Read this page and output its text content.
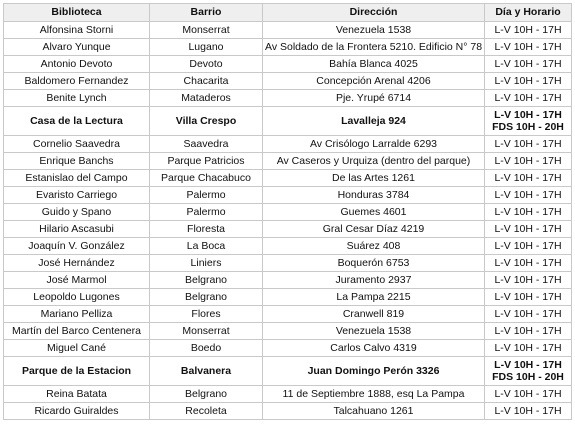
Biblioteca	Barrio	Dirección	Día y Horario
Alfonsina Storni	Monserrat	Venezuela 1538	L-V 10H - 17H
Alvaro Yunque	Lugano	Av Soldado de la Frontera 5210. Edificio N° 78	L-V 10H - 17H
Antonio Devoto	Devoto	Bahía Blanca 4025	L-V 10H - 17H
Baldomero Fernandez	Chacarita	Concepción Arenal 4206	L-V 10H - 17H
Benite Lynch	Mataderos	Pje. Yrupé 6714	L-V 10H - 17H
Casa de la Lectura	Villa Crespo	Lavalleja 924	L-V 10H - 17H
FDS 10H - 20H

Cornelio Saavedra	Saavedra	Av Crisólogo Larralde 6293	L-V 10H - 17H
Enrique Banchs	Parque Patricios	Av Caseros y Urquiza (dentro del parque)	L-V 10H - 17H
Estanislao del Campo	Parque Chacabuco	De las Artes 1261	L-V 10H - 17H
Evaristo Carriego	Palermo	Honduras 3784	L-V 10H - 17H
Guido y Spano	Palermo	Guemes 4601	L-V 10H - 17H
Hilario Ascasubi	Floresta	Gral Cesar Díaz 4219	L-V 10H - 17H
Joaquín V. González	La Boca	Suárez 408	L-V 10H - 17H
José Hernández	Liniers	Boquerón 6753	L-V 10H - 17H
José Marmol	Belgrano	Juramento 2937	L-V 10H - 17H
Leopoldo Lugones	Belgrano	La Pampa 2215	L-V 10H - 17H
Mariano Pelliza	Flores	Cranwell 819	L-V 10H - 17H
Martín del Barco Centenera	Monserrat	Venezuela 1538	L-V 10H - 17H
Miguel Cané	Boedo	Carlos Calvo 4319	L-V 10H - 17H
Parque de la Estacion	Balvanera	Juan Domingo Perón 3326	L-V 10H - 17H
FDS 10H - 20H

Reina Batata	Belgrano	11 de Septiembre 1888, esq La Pampa	L-V 10H - 17H
Ricardo Guiraldes	Recoleta	Talcahuano 1261	L-V 10H - 17H
